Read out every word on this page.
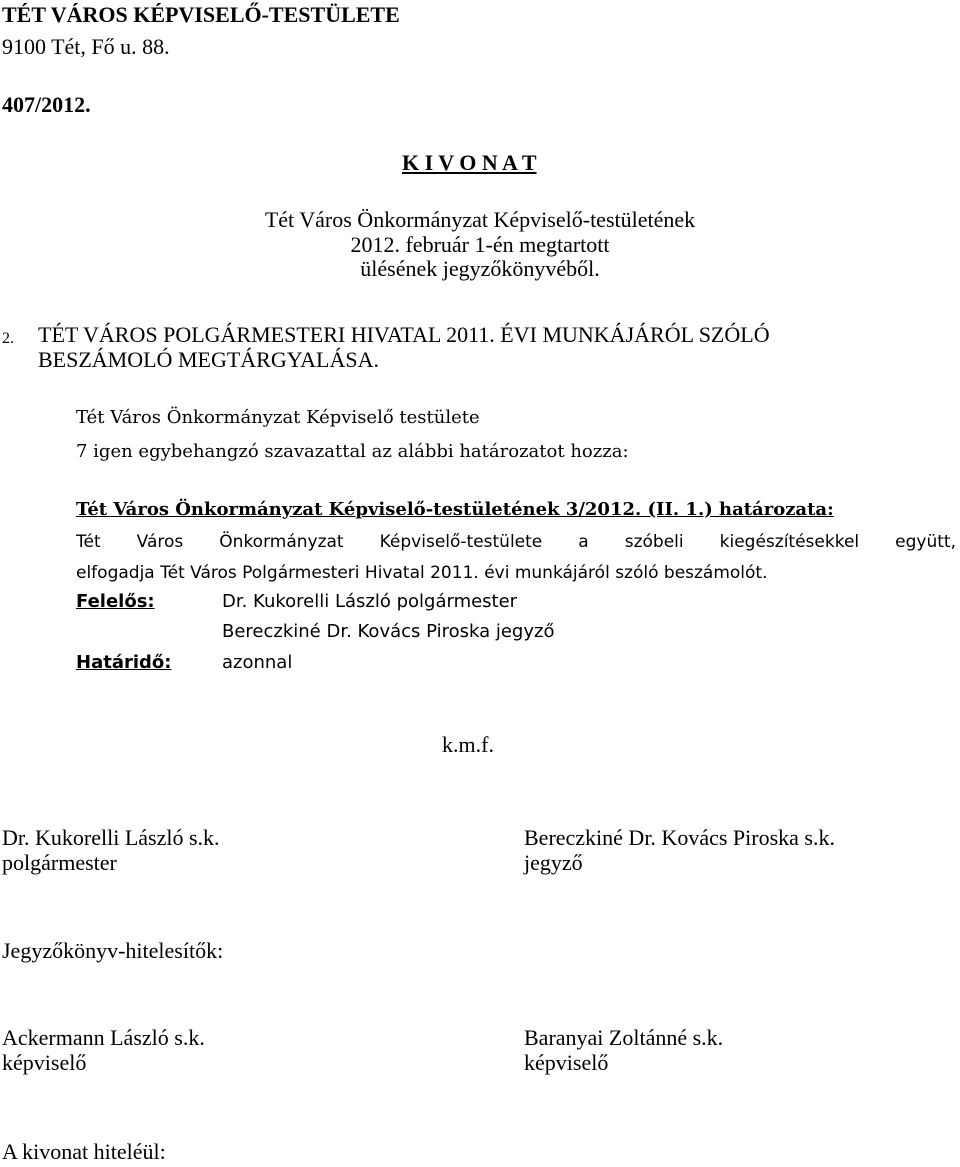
TÉT VÁROS KÉPVISELŐ-TESTÜLETE
9100 Tét, Fő u. 88.
407/2012.
K I V O N A T
Tét Város Önkormányzat Képviselő-testületének
2012. február 1-én megtartott
ülésének jegyzőkönyvéből.
2. TÉT VÁROS POLGÁRMESTERI HIVATAL 2011. ÉVI MUNKÁJÁRÓL SZÓLÓ
BESZÁMOLÓ MEGTÁRGYALÁSA.
Tét Város Önkormányzat Képviselő testülete
7 igen egybehangzó szavazattal az alábbi határozatot hozza:
Tét Város Önkormányzat Képviselő-testületének 3/2012. (II. 1.) határozata:
Tét Város Önkormányzat Képviselő-testülete a szóbeli kiegészítésekkel együtt,
elfogadja Tét Város Polgármesteri Hivatal 2011. évi munkájáról szóló beszámolót.
Felelős:	Dr. Kukorelli László polgármester
Bereczkiné Dr. Kovács Piroska jegyző
Határidő:	azonnal
k.m.f.
Dr. Kukorelli László s.k.
polgármester
Bereczkiné Dr. Kovács Piroska s.k.
jegyző
Jegyzőkönyv-hitelesítők:
Ackermann László s.k.
képviselő
Baranyai Zoltánné s.k.
képviselő
A kivonat hiteléül:
